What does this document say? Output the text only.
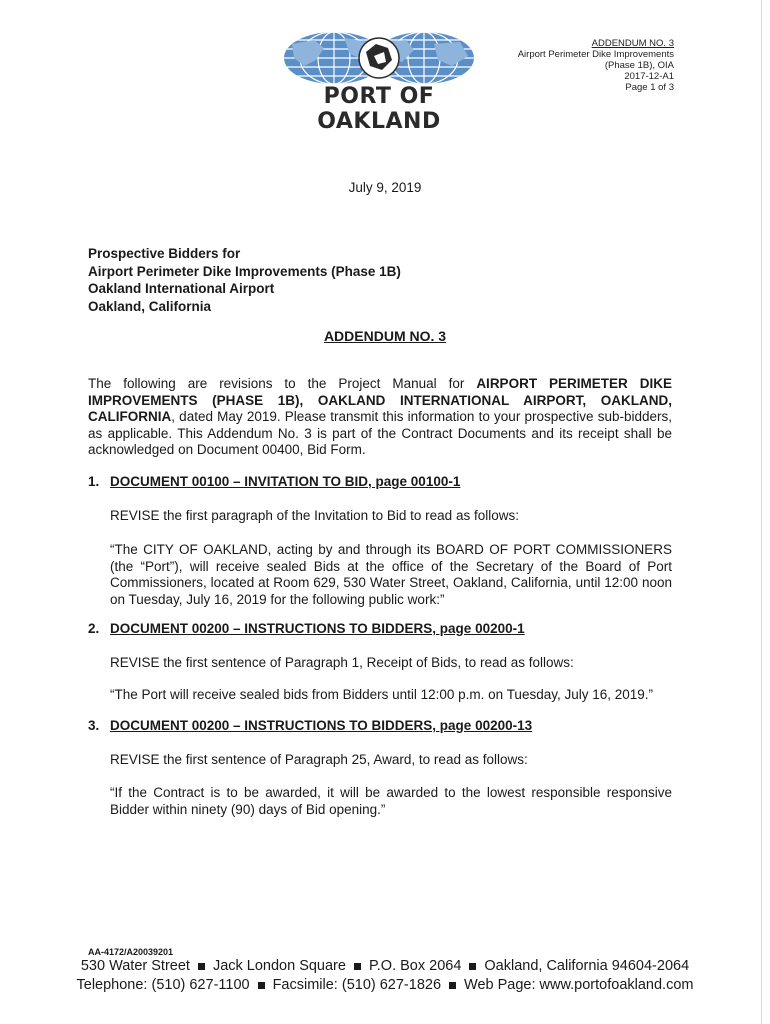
PORT OF OAKLAND
ADDENDUM NO. 3
Airport Perimeter Dike Improvements
(Phase 1B), OIA
2017-12-A1
Page 1 of 3
July 9, 2019
Prospective Bidders for
Airport Perimeter Dike Improvements (Phase 1B)
Oakland International Airport
Oakland, California
ADDENDUM NO. 3
The following are revisions to the Project Manual for AIRPORT PERIMETER DIKE IMPROVEMENTS (PHASE 1B), OAKLAND INTERNATIONAL AIRPORT, OAKLAND, CALIFORNIA, dated May 2019. Please transmit this information to your prospective sub-bidders, as applicable. This Addendum No. 3 is part of the Contract Documents and its receipt shall be acknowledged on Document 00400, Bid Form.
1. DOCUMENT 00100 – INVITATION TO BID, page 00100-1
REVISE the first paragraph of the Invitation to Bid to read as follows:
“The CITY OF OAKLAND, acting by and through its BOARD OF PORT COMMISSIONERS (the “Port”), will receive sealed Bids at the office of the Secretary of the Board of Port Commissioners, located at Room 629, 530 Water Street, Oakland, California, until 12:00 noon on Tuesday, July 16, 2019 for the following public work:”
2. DOCUMENT 00200 – INSTRUCTIONS TO BIDDERS, page 00200-1
REVISE the first sentence of Paragraph 1, Receipt of Bids, to read as follows:
“The Port will receive sealed bids from Bidders until 12:00 p.m. on Tuesday, July 16, 2019.”
3. DOCUMENT 00200 – INSTRUCTIONS TO BIDDERS, page 00200-13
REVISE the first sentence of Paragraph 25, Award, to read as follows:
“If the Contract is to be awarded, it will be awarded to the lowest responsible responsive Bidder within ninety (90) days of Bid opening.”
AA-4172/A20039201
530 Water Street Jack London Square P.O. Box 2064 Oakland, California 94604-2064
Telephone: (510) 627-1100 Facsimile: (510) 627-1826 Web Page: www.portofoakland.com
